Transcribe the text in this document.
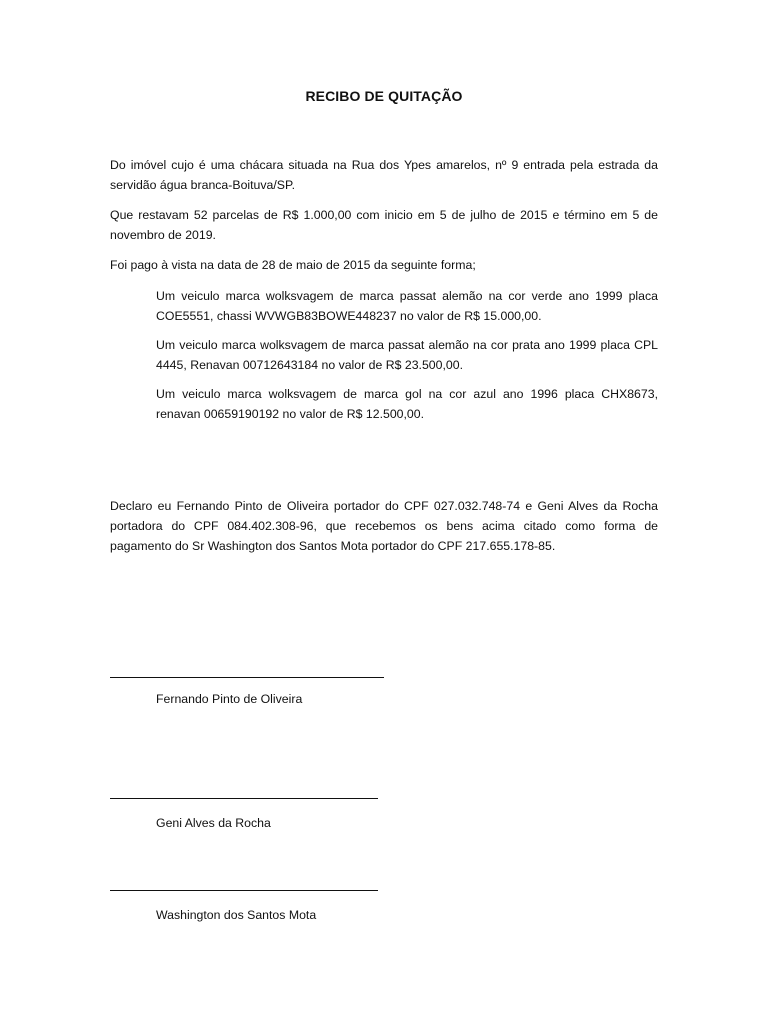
RECIBO DE QUITAÇÃO

Do imóvel cujo é uma chácara situada na Rua dos Ypes amarelos, nº 9 entrada pela estrada da servidão água branca-Boituva/SP.

Que restavam 52 parcelas de R$ 1.000,00 com inicio em 5 de julho de 2015 e término em 5 de novembro de 2019.

Foi pago à vista na data de 28 de maio de 2015 da seguinte forma;

Um veiculo marca wolksvagem de marca passat alemão na cor verde ano 1999 placa COE5551, chassi WVWGB83BOWE448237 no valor de R$ 15.000,00.

Um veiculo marca wolksvagem de marca passat alemão na cor prata ano 1999 placa CPL 4445, Renavan 00712643184 no valor de R$ 23.500,00.

Um veiculo marca wolksvagem de marca gol na cor azul ano 1996 placa CHX8673, renavan 00659190192 no valor de R$ 12.500,00.

Declaro eu Fernando Pinto de Oliveira portador do CPF 027.032.748-74 e Geni Alves da Rocha portadora do CPF 084.402.308-96, que recebemos os bens acima citado como forma de pagamento do Sr Washington dos Santos Mota portador do CPF 217.655.178-85.

Fernando Pinto de Oliveira
Geni Alves da Rocha
Washington dos Santos Mota
